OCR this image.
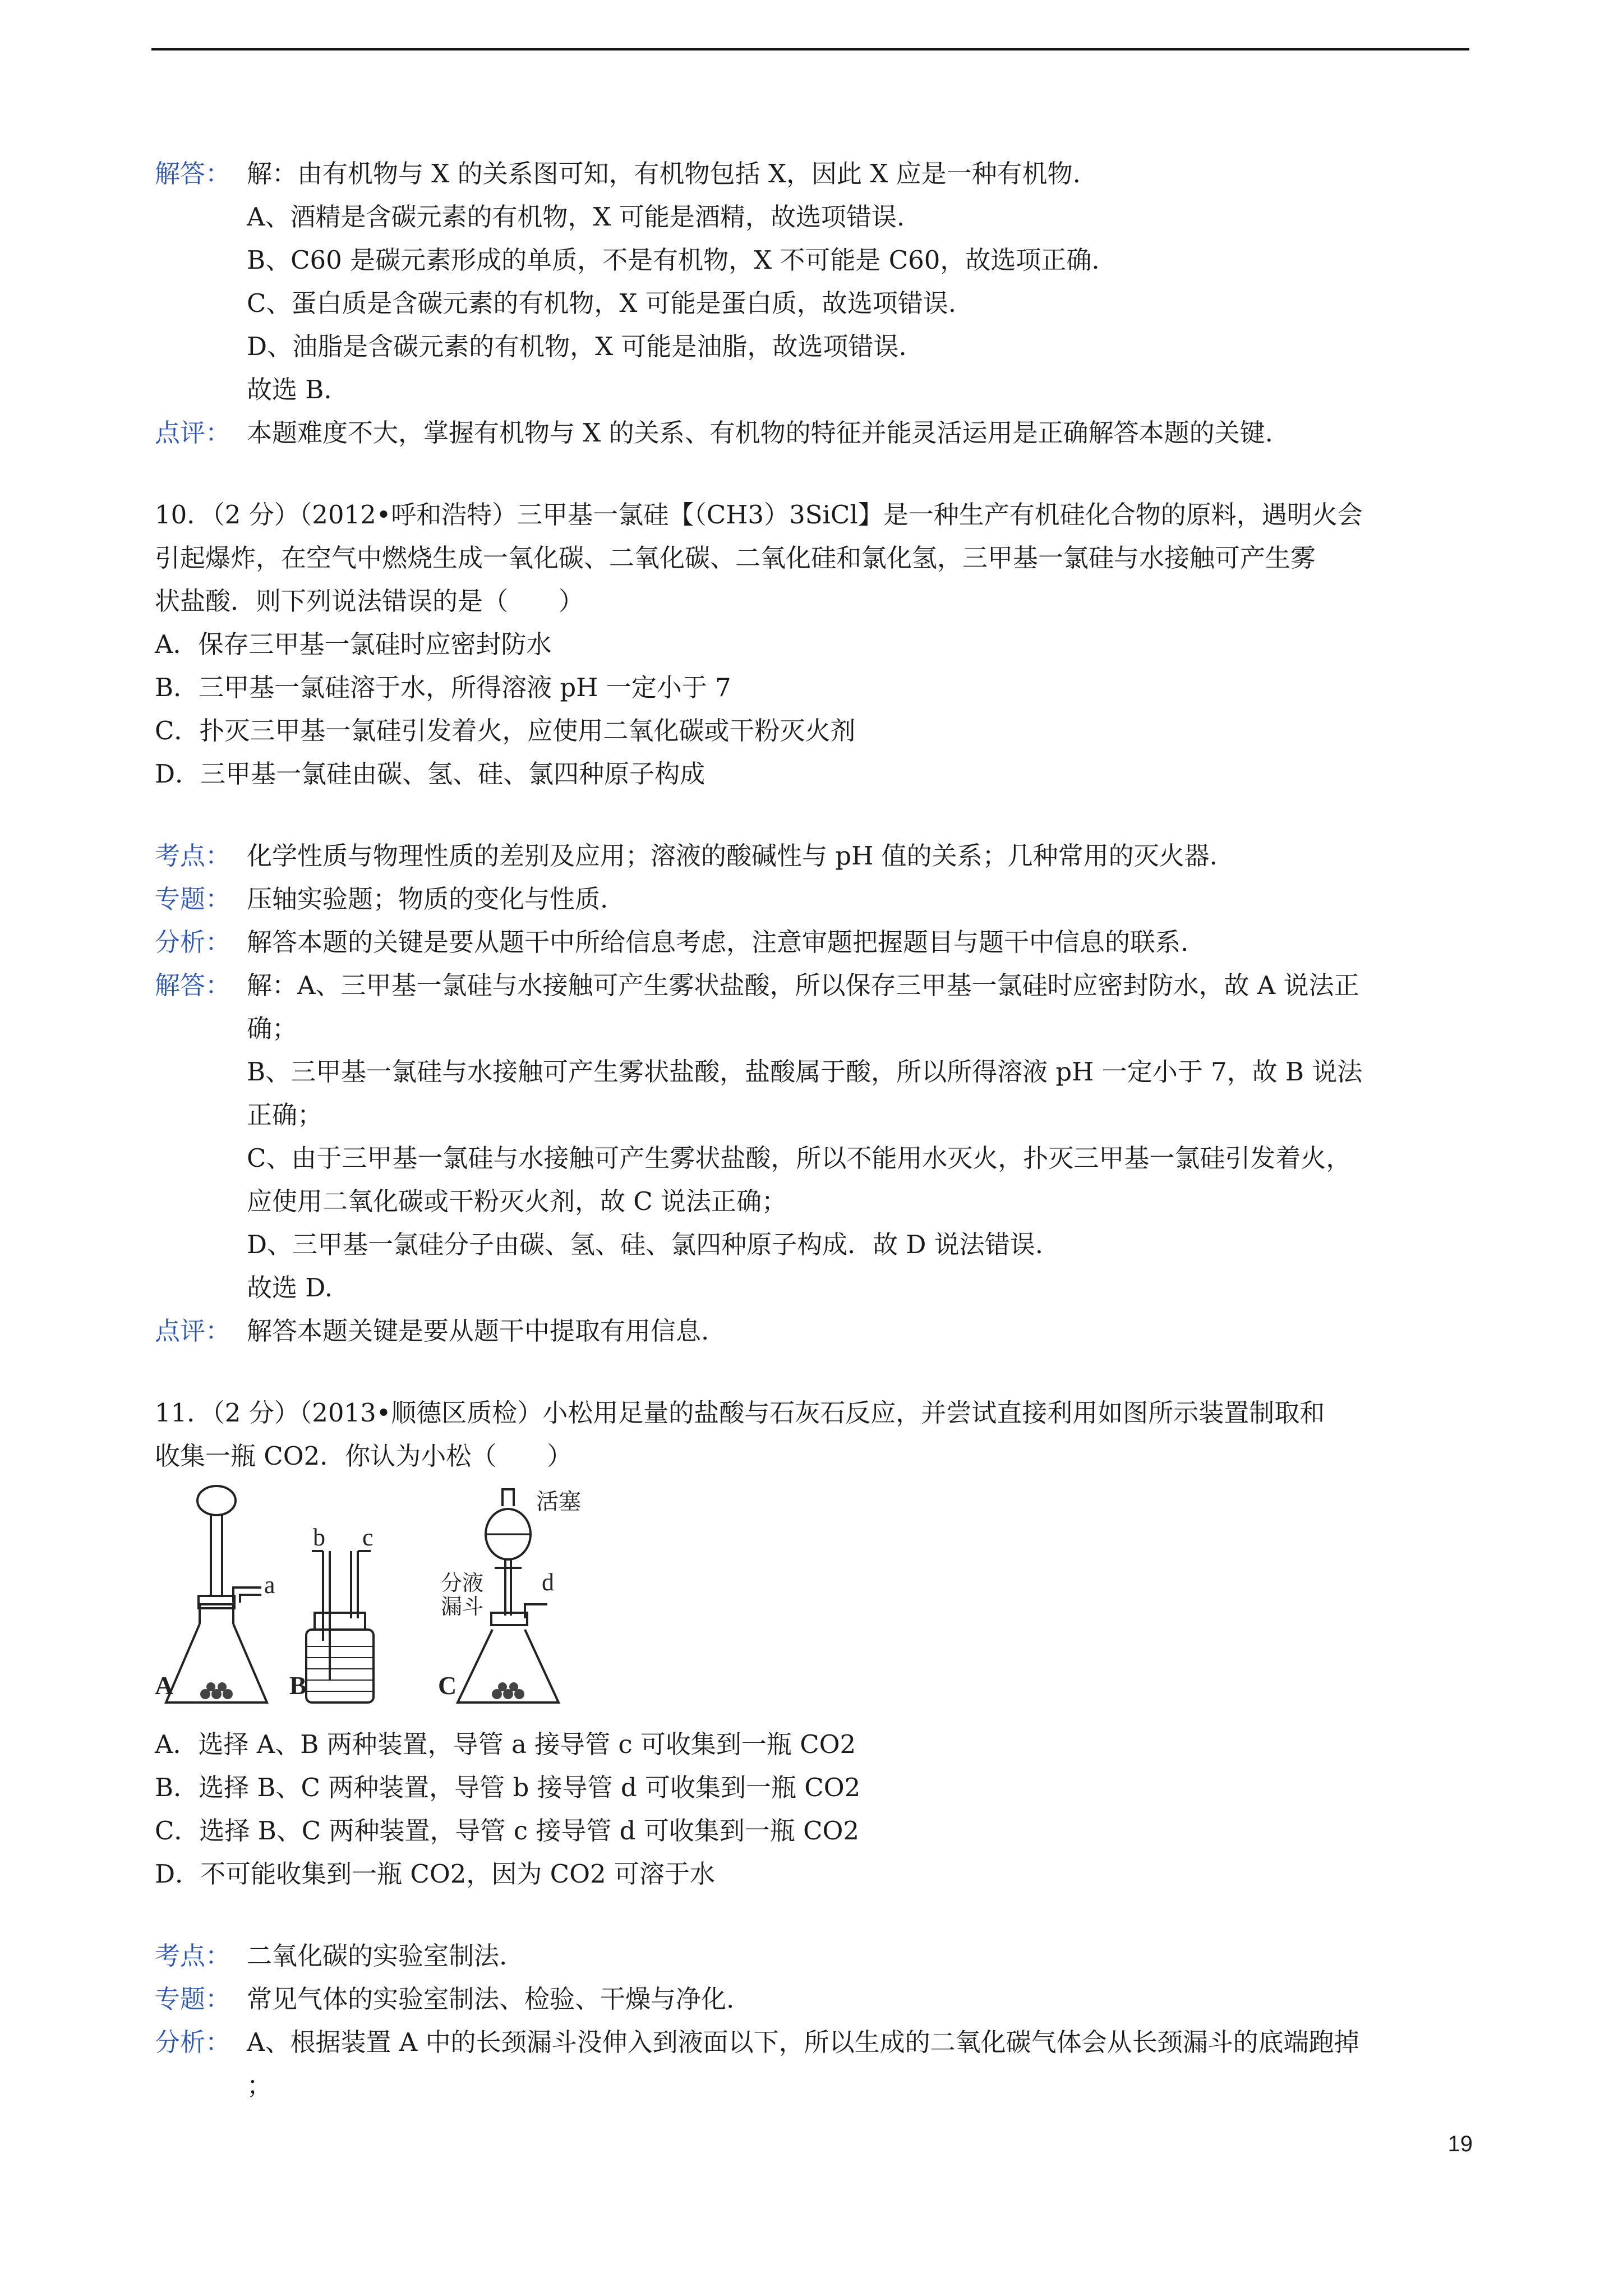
解答： 解：由有机物与 X 的关系图可知，有机物包括 X，因此 X 应是一种有机物.
A、酒精是含碳元素的有机物，X 可能是酒精，故选项错误.
B、C60 是碳元素形成的单质，不是有机物，X 不可能是 C60，故选项正确.
C、蛋白质是含碳元素的有机物，X 可能是蛋白质，故选项错误.
D、油脂是含碳元素的有机物，X 可能是油脂，故选项错误.
故选 B.
点评： 本题难度不大，掌握有机物与 X 的关系、有机物的特征并能灵活运用是正确解答本题的关键.
10．（2 分）（2012•呼和浩特）三甲基一氯硅【（CH3）3SiCl】是一种生产有机硅化合物的原料，遇明火会
引起爆炸，在空气中燃烧生成一氧化碳、二氧化碳、二氧化硅和氯化氢，三甲基一氯硅与水接触可产生雾
状盐酸．则下列说法错误的是（　　）
A．保存三甲基一氯硅时应密封防水
B．三甲基一氯硅溶于水，所得溶液 pH 一定小于 7
C．扑灭三甲基一氯硅引发着火，应使用二氧化碳或干粉灭火剂
D．三甲基一氯硅由碳、氢、硅、氯四种原子构成
考点： 化学性质与物理性质的差别及应用；溶液的酸碱性与 pH 值的关系；几种常用的灭火器.
专题： 压轴实验题；物质的变化与性质.
分析： 解答本题的关键是要从题干中所给信息考虑，注意审题把握题目与题干中信息的联系.
解答： 解：A、三甲基一氯硅与水接触可产生雾状盐酸，所以保存三甲基一氯硅时应密封防水，故 A 说法正
确；
B、三甲基一氯硅与水接触可产生雾状盐酸，盐酸属于酸，所以所得溶液 pH 一定小于 7，故 B 说法
正确；
C、由于三甲基一氯硅与水接触可产生雾状盐酸，所以不能用水灭火，扑灭三甲基一氯硅引发着火，
应使用二氧化碳或干粉灭火剂，故 C 说法正确；
D、三甲基一氯硅分子由碳、氢、硅、氯四种原子构成．故 D 说法错误.
故选 D.
点评： 解答本题关键是要从题干中提取有用信息.
11．（2 分）（2013•顺德区质检）小松用足量的盐酸与石灰石反应，并尝试直接利用如图所示装置制取和
收集一瓶 CO2．你认为小松（　　）
a
b c
d
活塞
分液
漏斗
A	B	C
A．选择 A、B 两种装置，导管 a 接导管 c 可收集到一瓶 CO2
B．选择 B、C 两种装置，导管 b 接导管 d 可收集到一瓶 CO2
C．选择 B、C 两种装置，导管 c 接导管 d 可收集到一瓶 CO2
D．不可能收集到一瓶 CO2，因为 CO2 可溶于水
考点： 二氧化碳的实验室制法.
专题： 常见气体的实验室制法、检验、干燥与净化.
分析： A、根据装置 A 中的长颈漏斗没伸入到液面以下，所以生成的二氧化碳气体会从长颈漏斗的底端跑掉
；
19
